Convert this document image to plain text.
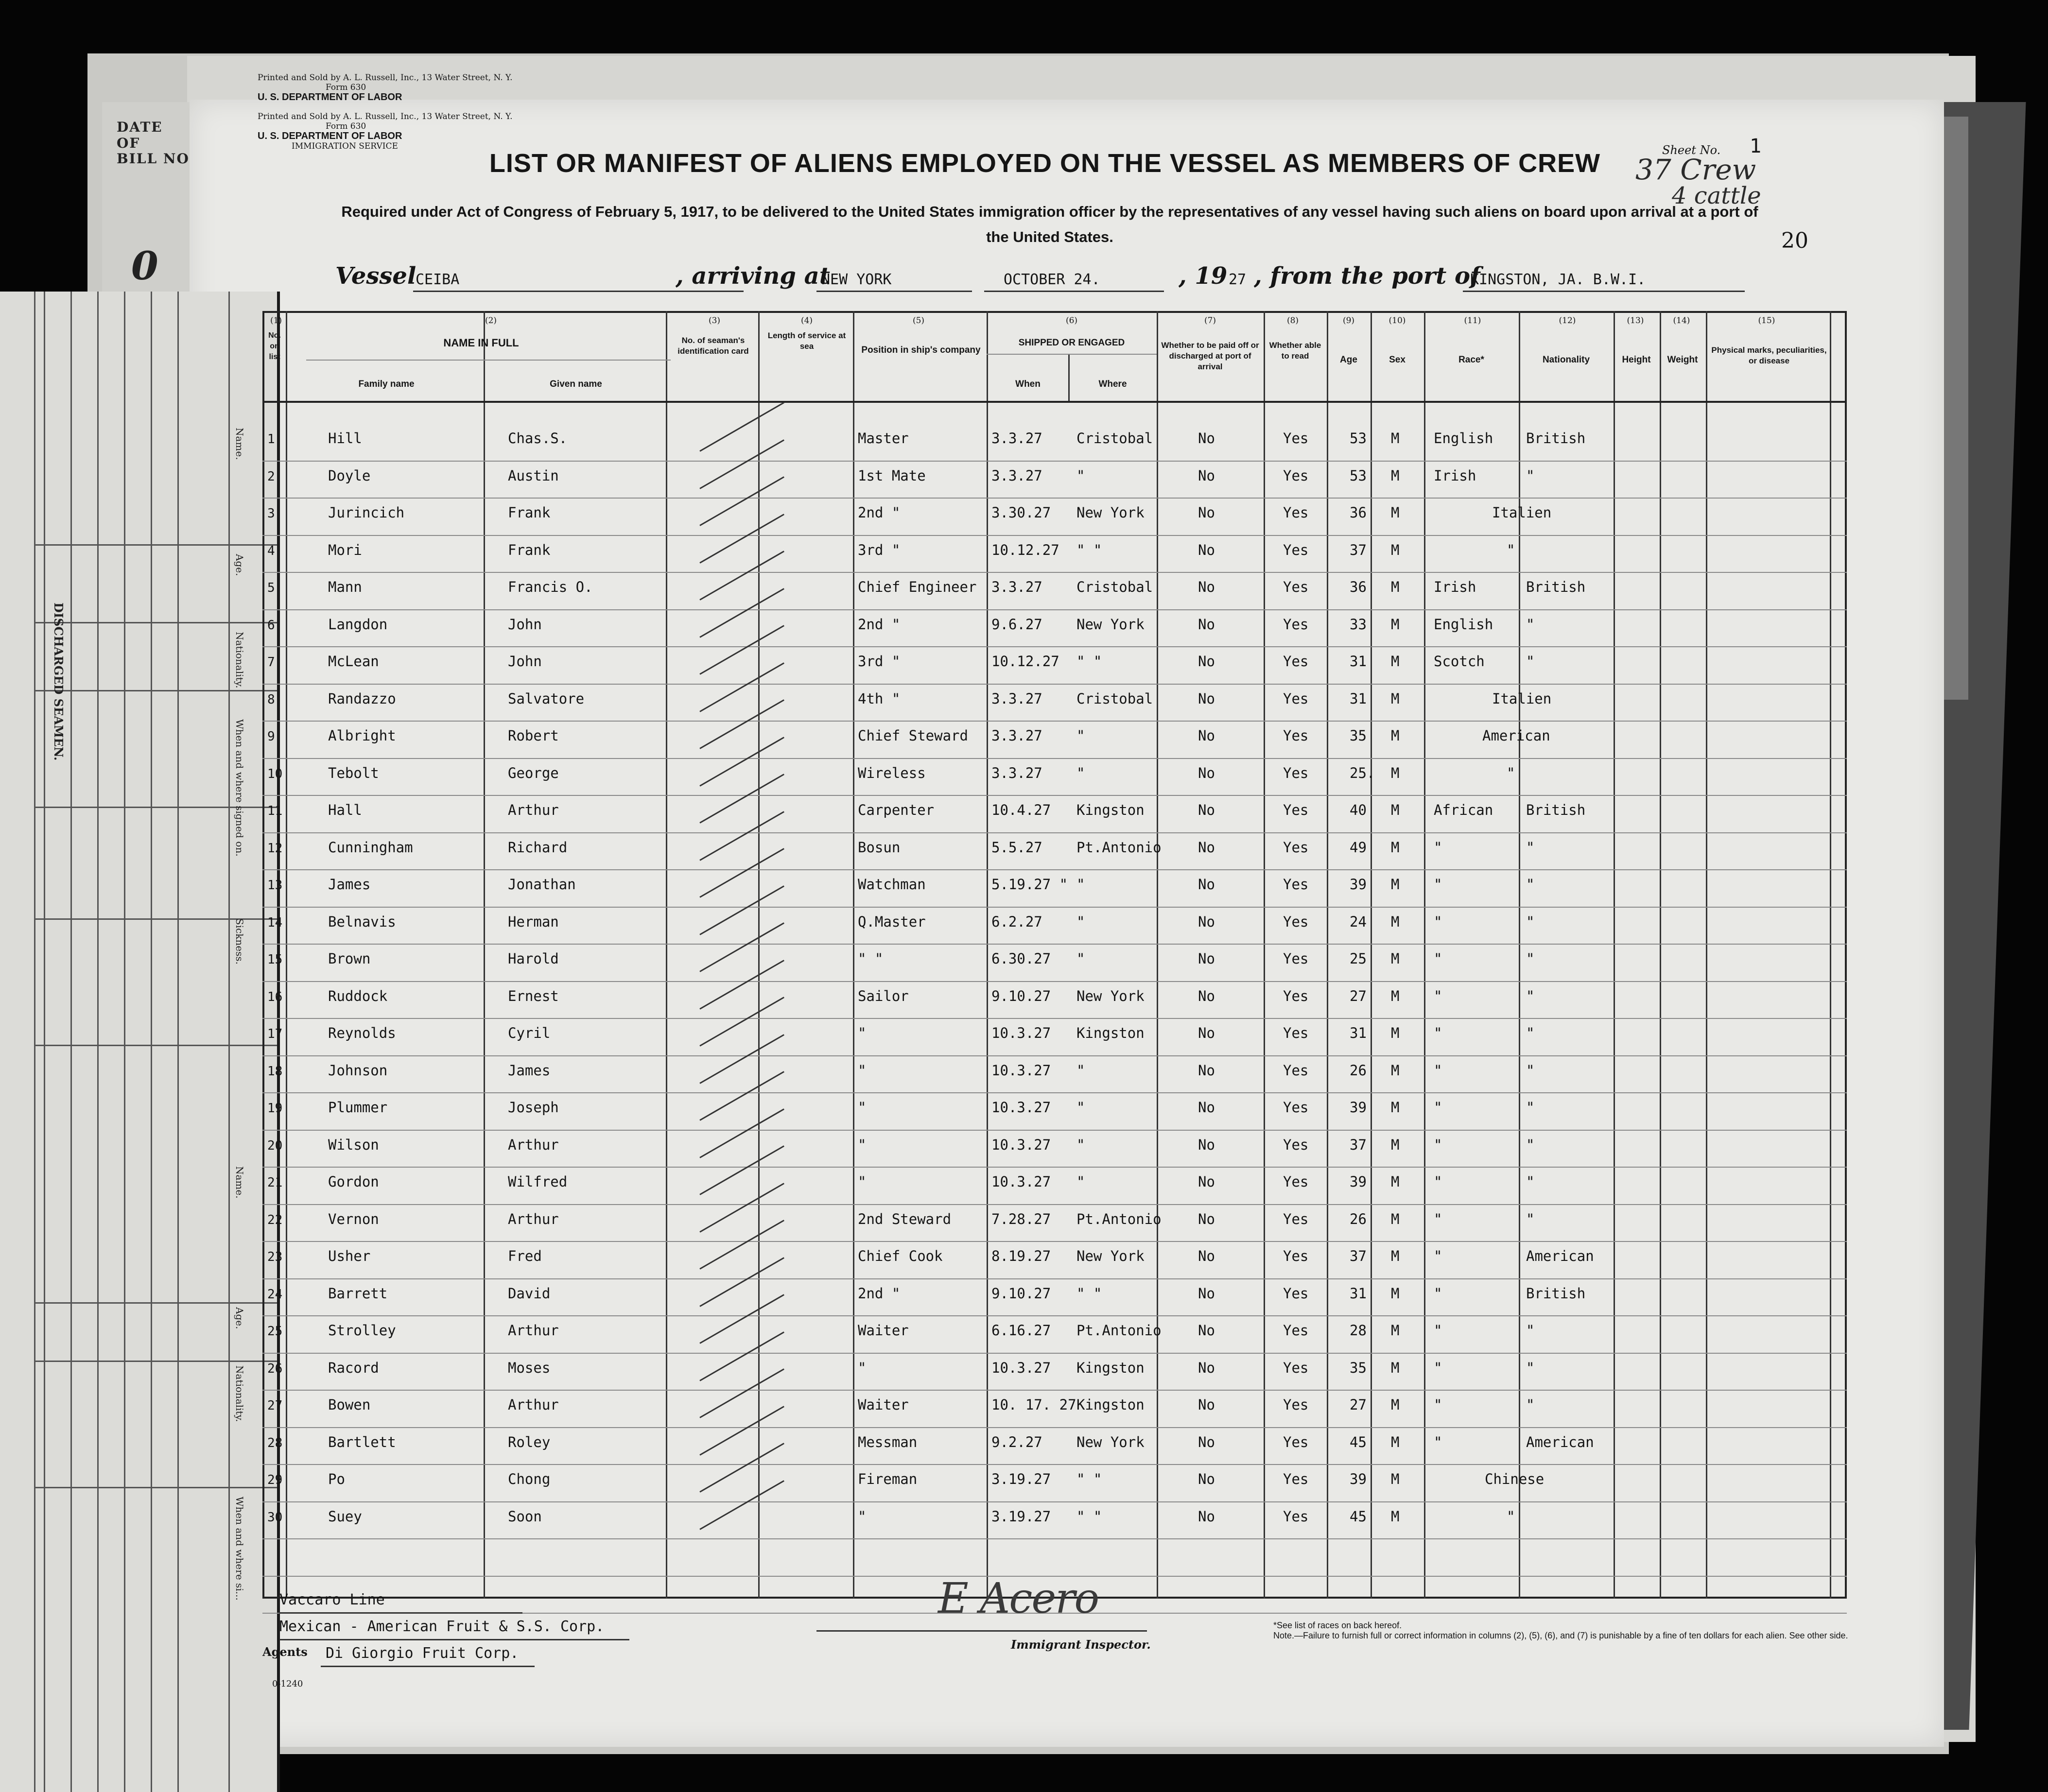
DATE OF
BILL NO
0
DISCHARGED SEAMEN.
Name.
Age.
Nationality.
When and where signed on.
Sickness.
Name.
Age.
Nationality.
When and where si...
Printed and Sold by A. L. Russell, Inc., 13 Water Street, N. Y.
Form 630
U. S. DEPARTMENT OF LABOR
Printed and Sold by A. L. Russell, Inc., 13 Water Street, N. Y.
Form 630
U. S. DEPARTMENT OF LABOR
IMMIGRATION SERVICE	Sheet No. 1
LIST OR MANIFEST OF ALIENS EMPLOYED ON THE VESSEL AS MEMBERS OF CREW	37 Crew
4 cattle
Required under Act of Congress of February 5, 1917, to be delivered to the United States immigration officer by the representatives of any vessel having such aliens on board upon arrival at a port of the United States.	20
Vessel
CEIBA	, arriving at
NEW YORK	OCTOBER 24.	, 19 27 , from the port of
KINGSTON, JA. B.W.I.
(1)	(2)	(3)	(4)	(5)	(6)	(7)	(8)	(9)	(10)	(11)	(12)	(13)	(14)	(15)
No. on list
NAME IN FULL
Family name	Given name
No. of seaman's identification card
Length of service at sea	Position in ship's company
SHIPPED OR ENGAGED
When	Where
Whether to be paid off or discharged at port of arrival
Whether able to read	Age	Sex	Race*	Nationality	Height	Weight
Physical marks, peculiarities, or disease
1	Hill	Chas.S.	Master	3.3.27 Cristobal	No	Yes	53 M English British
2	Doyle	Austin	1st Mate	3.3.27 "	No	Yes	53 M Irish	"
3	Jurincich	Frank	2nd "	3.30.27 New York	No	Yes	36 M	Italien
4	Mori	Frank	3rd "	10.12.27 " "	No	Yes	37 M	"
5	Mann	Francis O.	Chief Engineer 3.3.27 Cristobal	No	Yes	36 M Irish	British
6	Langdon	John	2nd "	9.6.27 New York	No	Yes	33 M English "
7	McLean	John	3rd "	10.12.27 " "	No	Yes	31 M Scotch	"
8	Randazzo	Salvatore	4th "	3.3.27 Cristobal	No	Yes	31 M	Italien
9	Albright	Robert	Chief Steward 3.3.27 "	No	Yes	35 M	American
10	Tebolt	George	Wireless	3.3.27 "	No	Yes	25. M	"
11	Hall	Arthur	Carpenter	10.4.27 Kingston	No	Yes	40 M African British
12	Cunningham	Richard	Bosun	5.5.27 Pt.Antonio	No	Yes	49 M "	"
13	James	Jonathan	Watchman	5.19.27 " "	No	Yes	39 M "	"
14	Belnavis	Herman	Q.Master	6.2.27 "	No	Yes	24 M "	"
15	Brown	Harold	" "	6.30.27 "	No	Yes	25 M "	"
16	Ruddock	Ernest	Sailor	9.10.27 New York	No	Yes	27 M "	"
17	Reynolds	Cyril	"	10.3.27 Kingston	No	Yes	31 M "	"
18	Johnson	James	"	10.3.27 "	No	Yes	26 M "	"
19	Plummer	Joseph	"	10.3.27 "	No	Yes	39 M "	"
20	Wilson	Arthur	"	10.3.27 "	No	Yes	37 M "	"
21	Gordon	Wilfred	"	10.3.27 "	No	Yes	39 M "	"
22	Vernon	Arthur	2nd Steward	7.28.27 Pt.Antonio	No	Yes	26 M "	"
23	Usher	Fred	Chief Cook	8.19.27 New York	No	Yes	37 M "	American
24	Barrett	David	2nd "	9.10.27 " "	No	Yes	31 M "	British
25	Strolley	Arthur	Waiter	6.16.27 Pt.Antonio	No	Yes	28 M "	"
26	Racord	Moses	"	10.3.27 Kingston	No	Yes	35 M "	"
27	Bowen	Arthur	Waiter	10. 17. 27 Kingston	No	Yes	27 M "	"
28	Bartlett	Roley	Messman	9.2.27 New York	No	Yes	45 M "	American
29	Po	Chong	Fireman	3.19.27 " "	No	Yes	39 M	Chinese
30	Suey	Soon	"	3.19.27 " "	No	Yes	45 M	"
Vaccaro Line
Mexican - American Fruit & S.S. Corp.
Di Giorgio Fruit Corp.
Agents
0-1240
E Acero
Immigrant Inspector.
*See list of races on back hereof.
Note.—Failure to furnish full or correct information in columns (2), (5), (6), and (7) is punishable by a fine of ten dollars for each alien. See other side.
